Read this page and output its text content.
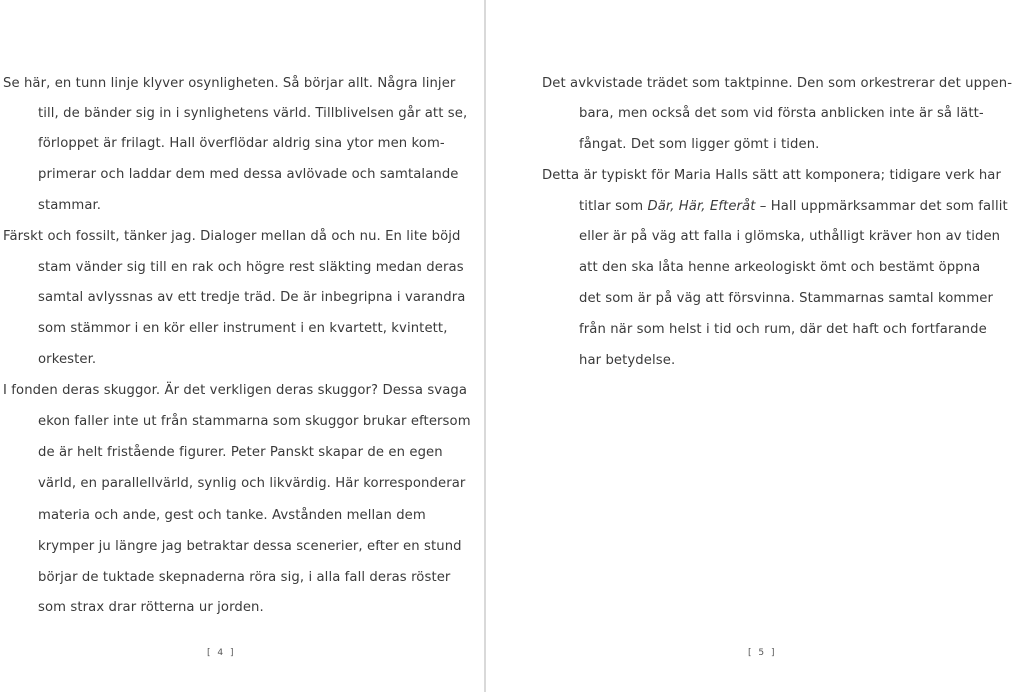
Se här, en tunn linje klyver osynligheten. Så börjar allt. Några linjer
till, de bänder sig in i synlighetens värld. Tillblivelsen går att se,
förloppet är frilagt. Hall överflödar aldrig sina ytor men kom-
primerar och laddar dem med dessa avlövade och samtalande
stammar.
Färskt och fossilt, tänker jag. Dialoger mellan då och nu. En lite böjd
stam vänder sig till en rak och högre rest släkting medan deras
samtal avlyssnas av ett tredje träd. De är inbegripna i varandra
som stämmor i en kör eller instrument i en kvartett, kvintett,
orkester.
I fonden deras skuggor. Är det verkligen deras skuggor? Dessa svaga
ekon faller inte ut från stammarna som skuggor brukar eftersom
de är helt fristående figurer. Peter Panskt skapar de en egen
värld, en parallellvärld, synlig och likvärdig. Här korresponderar
materia och ande, gest och tanke. Avstånden mellan dem
krymper ju längre jag betraktar dessa scenerier, efter en stund
börjar de tuktade skepnaderna röra sig, i alla fall deras röster
som strax drar rötterna ur jorden.
[ 4 ]
Det avkvistade trädet som taktpinne. Den som orkestrerar det uppen-
bara, men också det som vid första anblicken inte är så lätt-
fångat. Det som ligger gömt i tiden.
Detta är typiskt för Maria Halls sätt att komponera; tidigare verk har
titlar som Där, Här, Efteråt – Hall uppmärksammar det som fallit
eller är på väg att falla i glömska, uthålligt kräver hon av tiden
att den ska låta henne arkeologiskt ömt och bestämt öppna
det som är på väg att försvinna. Stammarnas samtal kommer
från när som helst i tid och rum, där det haft och fortfarande
har betydelse.
[ 5 ]
